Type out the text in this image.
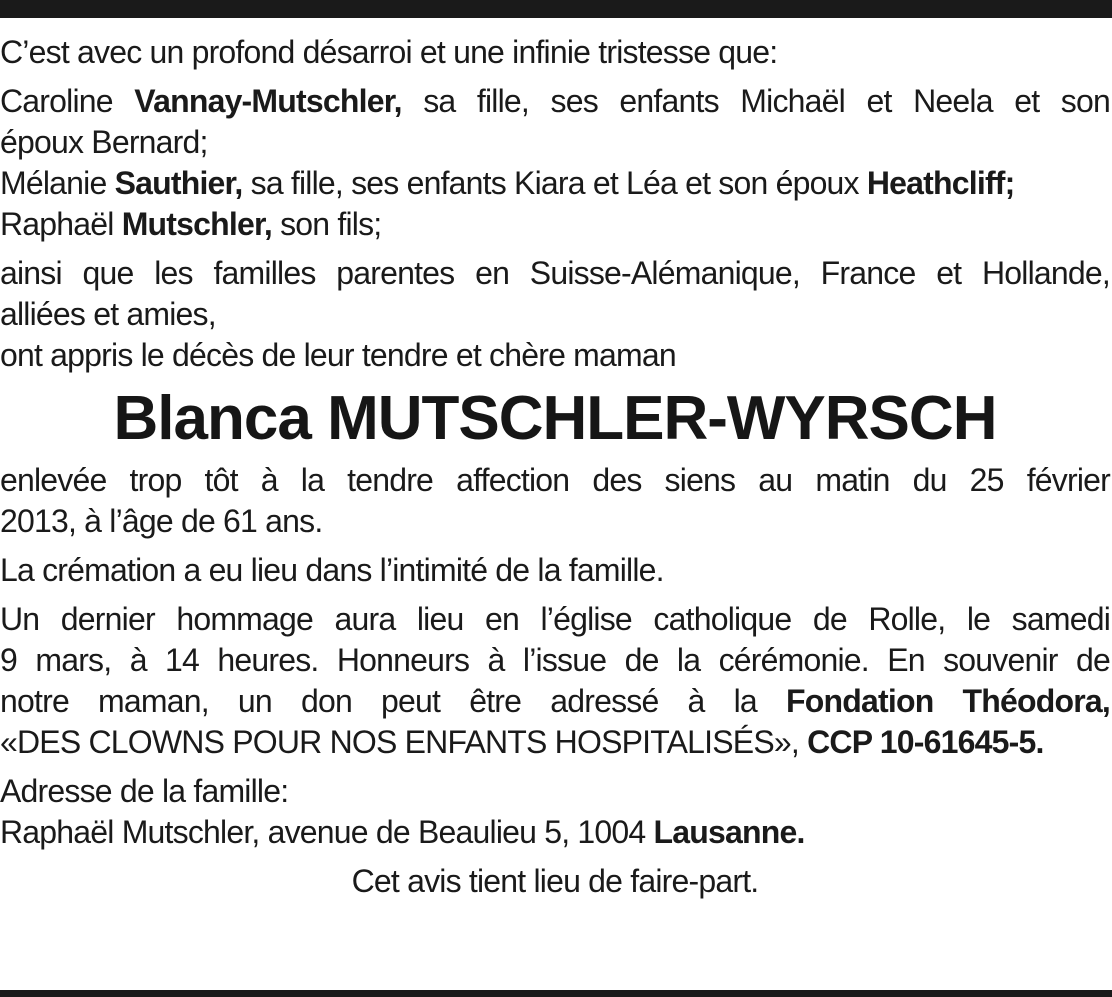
C’est avec un profond désarroi et une infinie tristesse que:

Caroline Vannay-Mutschler, sa fille, ses enfants Michaël et Neela et son

époux Bernard;

Mélanie Sauthier, sa fille, ses enfants Kiara et Léa et son époux Heathcliff;

Raphaël Mutschler, son fils;

ainsi que les familles parentes en Suisse-Alémanique, France et Hollande,

alliées et amies,

ont appris le décès de leur tendre et chère maman

Blanca MUTSCHLER-WYRSCH

enlevée trop tôt à la tendre affection des siens au matin du 25 février

2013, à l’âge de 61 ans.

La crémation a eu lieu dans l’intimité de la famille.

Un dernier hommage aura lieu en l’église catholique de Rolle, le samedi

9 mars, à 14 heures. Honneurs à l’issue de la cérémonie. En souvenir de

notre maman, un don peut être adressé à la Fondation Théodora,

«DES CLOWNS POUR NOS ENFANTS HOSPITALISÉS», CCP 10-61645-5.

Adresse de la famille:

Raphaël Mutschler, avenue de Beaulieu 5, 1004 Lausanne.

Cet avis tient lieu de faire-part.
